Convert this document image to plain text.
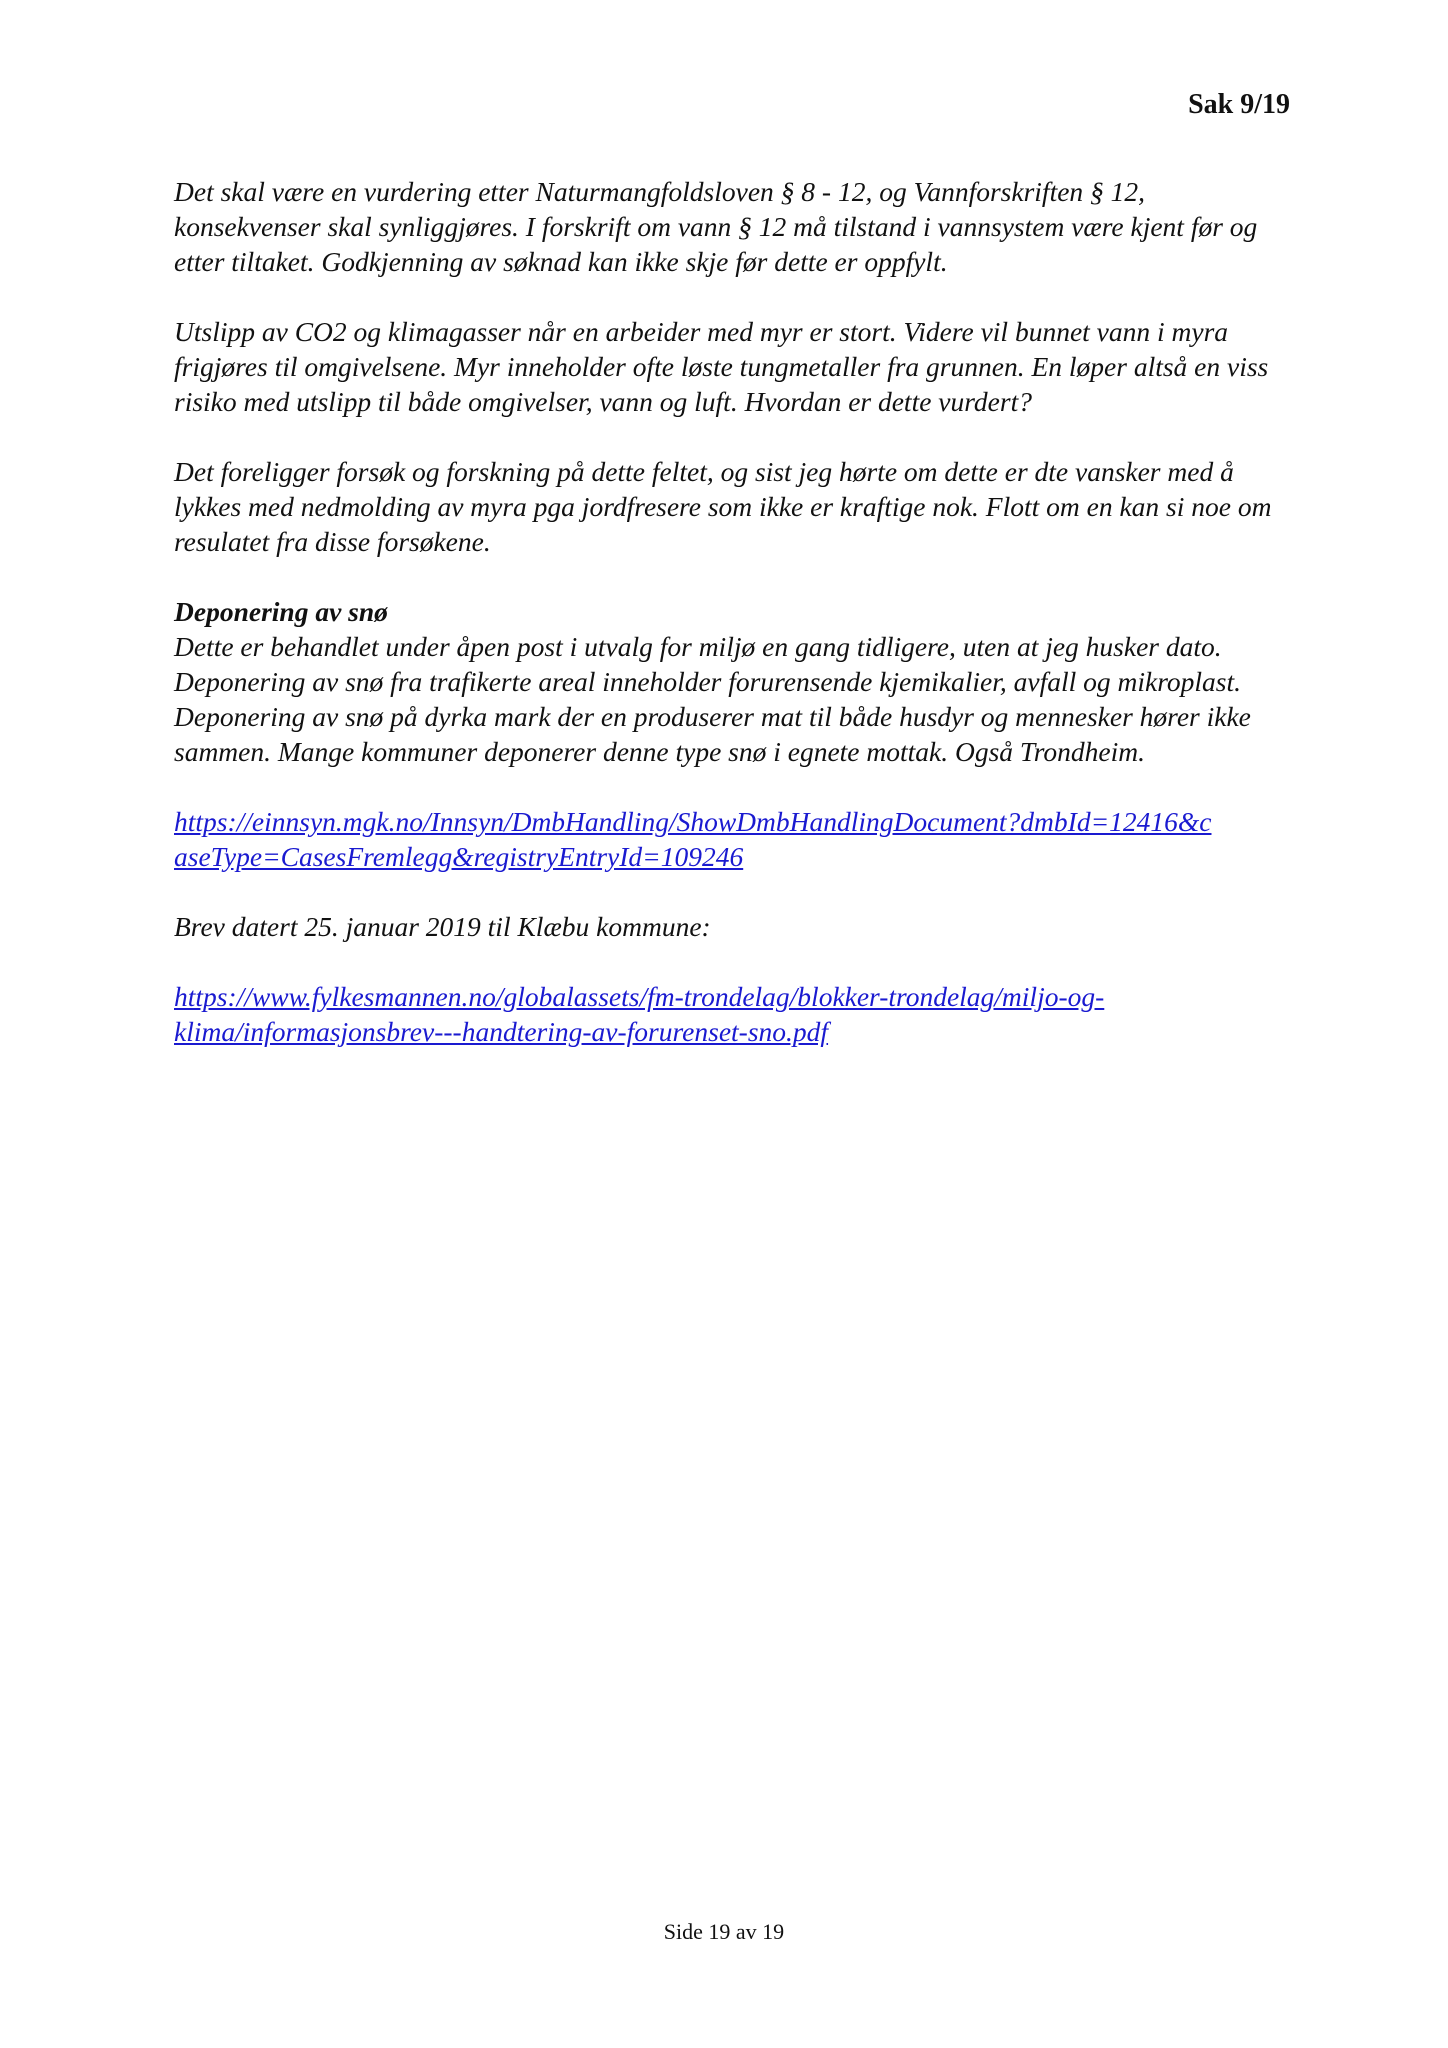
Sak 9/19

Det skal være en vurdering etter Naturmangfoldsloven § 8 - 12, og Vannforskriften § 12, konsekvenser skal synliggjøres. I forskrift om vann § 12 må tilstand i vannsystem være kjent før og etter tiltaket. Godkjenning av søknad kan ikke skje før dette er oppfylt.

Utslipp av CO2 og klimagasser når en arbeider med myr er stort. Videre vil bunnet vann i myra frigjøres til omgivelsene. Myr inneholder ofte løste tungmetaller fra grunnen. En løper altså en viss risiko med utslipp til både omgivelser, vann og luft. Hvordan er dette vurdert?

Det foreligger forsøk og forskning på dette feltet, og sist jeg hørte om dette er dte vansker med å lykkes med nedmolding av myra pga jordfresere som ikke er kraftige nok. Flott om en kan si noe om resulatet fra disse forsøkene.

Deponering av snø
Dette er behandlet under åpen post i utvalg for miljø en gang tidligere, uten at jeg husker dato. Deponering av snø fra trafikerte areal inneholder forurensende kjemikalier, avfall og mikroplast. Deponering av snø på dyrka mark der en produserer mat til både husdyr og mennesker hører ikke sammen. Mange kommuner deponerer denne type snø i egnete mottak. Også Trondheim.
https://einnsyn.mgk.no/Innsyn/DmbHandling/ShowDmbHandlingDocument?dmbId=12416&c
aseType=CasesFremlegg&registryEntryId=109246

Brev datert 25. januar 2019 til Klæbu kommune:

https://www.fylkesmannen.no/globalassets/fm-trondelag/blokker-trondelag/miljo-og-
klima/informasjonsbrev---handtering-av-forurenset-sno.pdf
Side 19 av 19
